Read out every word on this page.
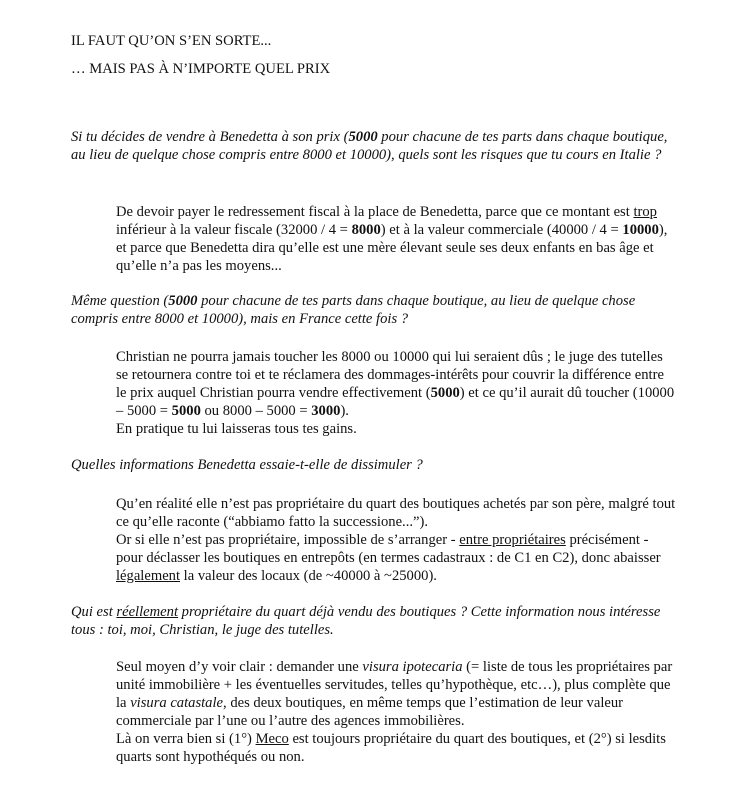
IL FAUT QU’ON S’EN SORTE...
… MAIS PAS À N’IMPORTE QUEL PRIX

Si tu décides de vendre à Benedetta à son prix (5000 pour chacune de tes parts dans chaque boutique, au lieu de quelque chose compris entre 8000 et 10000), quels sont les risques que tu cours en Italie ?

De devoir payer le redressement fiscal à la place de Benedetta, parce que ce montant est trop inférieur à la valeur fiscale (32000 / 4 = 8000) et à la valeur commerciale (40000 / 4 = 10000), et parce que Benedetta dira qu’elle est une mère élevant seule ses deux enfants en bas âge et qu’elle n’a pas les moyens...

Même question (5000 pour chacune de tes parts dans chaque boutique, au lieu de quelque chose compris entre 8000 et 10000), mais en France cette fois ?

Christian ne pourra jamais toucher les 8000 ou 10000 qui lui seraient dûs ; le juge des tutelles se retournera contre toi et te réclamera des dommages-intérêts pour couvrir la différence entre le prix auquel Christian pourra vendre effectivement (5000) et ce qu’il aurait dû toucher (10000 – 5000 = 5000 ou 8000 – 5000 = 3000).

En pratique tu lui laisseras tous tes gains.

Quelles informations Benedetta essaie-t-elle de dissimuler ?

Qu’en réalité elle n’est pas propriétaire du quart des boutiques achetés par son père, malgré tout ce qu’elle raconte (“abbiamo fatto la successione...”).

Or si elle n’est pas propriétaire, impossible de s’arranger - entre propriétaires précisément - pour déclasser les boutiques en entrepôts (en termes cadastraux : de C1 en C2), donc abaisser légalement la valeur des locaux (de ~40000 à ~25000).

Qui est réellement propriétaire du quart déjà vendu des boutiques ? Cette information nous intéresse tous : toi, moi, Christian, le juge des tutelles.

Seul moyen d’y voir clair : demander une visura ipotecaria (= liste de tous les propriétaires par unité immobilière + les éventuelles servitudes, telles qu’hypothèque, etc…), plus complète que la visura catastale, des deux boutiques, en même temps que l’estimation de leur valeur commerciale par l’une ou l’autre des agences immobilières.

Là on verra bien si (1°) Meco est toujours propriétaire du quart des boutiques, et (2°) si lesdits quarts sont hypothéqués ou non.
